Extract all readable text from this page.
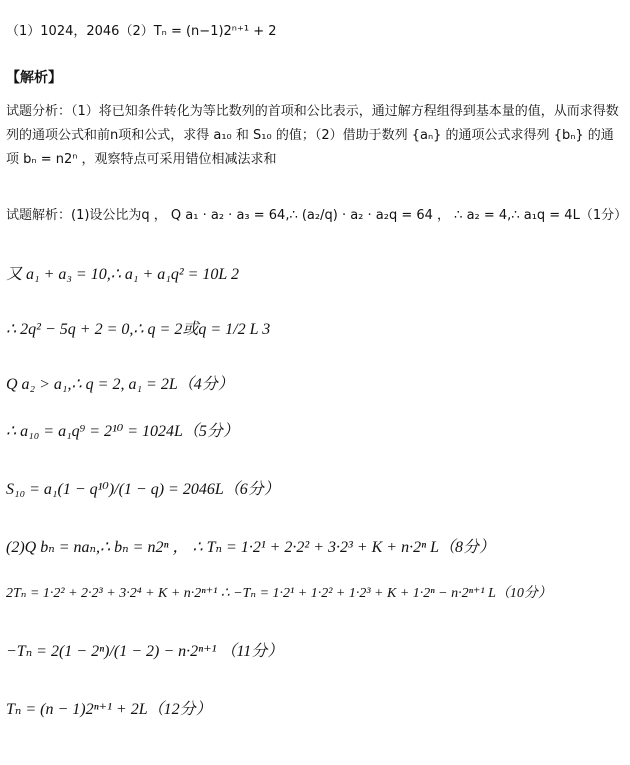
（1）1024，2046（2）Tₙ = (n−1)2ⁿ⁺¹ + 2
【解析】
试题分析：（1）将已知条件转化为等比数列的首项和公比表示，通过解方程组得到基本量的值，从而求得数列的通项公式和前n项和公式，求得 a₁₀ 和 S₁₀ 的值；（2）借助于数列 {aₙ} 的通项公式求得列 {bₙ} 的通项 bₙ = n2ⁿ ，观察特点可采用错位相减法求和
试题解析：(1)设公比为q ， Q a₁ · a₂ · a₃ = 64,∴ (a₂/q) · a₂ · a₂q = 64 ， ∴ a₂ = 4,∴ a₁q = 4L（1分）
又 a₁ + a₃ = 10,∴ a₁ + a₁q² = 10L 2
∴ 2q² − 5q + 2 = 0,∴ q = 2或q = 1/2 L 3
Q a₂ > a₁,∴ q = 2, a₁ = 2L（4分）
∴ a₁₀ = a₁q⁹ = 2¹⁰ = 1024L（5分）
S₁₀ = a₁(1 − q¹⁰)/(1 − q) = 2046L（6分）
(2)Q bₙ = naₙ,∴ bₙ = n2ⁿ ， ∴ Tₙ = 1·2¹ + 2·2² + 3·2³ + K + n·2ⁿ L（8分）
2Tₙ = 1·2² + 2·2³ + 3·2⁴ + K + n·2ⁿ⁺¹ ∴ −Tₙ = 1·2¹ + 1·2² + 1·2³ + K + 1·2ⁿ − n·2ⁿ⁺¹ L（10分）
−Tₙ = 2(1 − 2ⁿ)/(1 − 2) − n·2ⁿ⁺¹ （11分）
Tₙ = (n − 1)2ⁿ⁺¹ + 2L（12分）
